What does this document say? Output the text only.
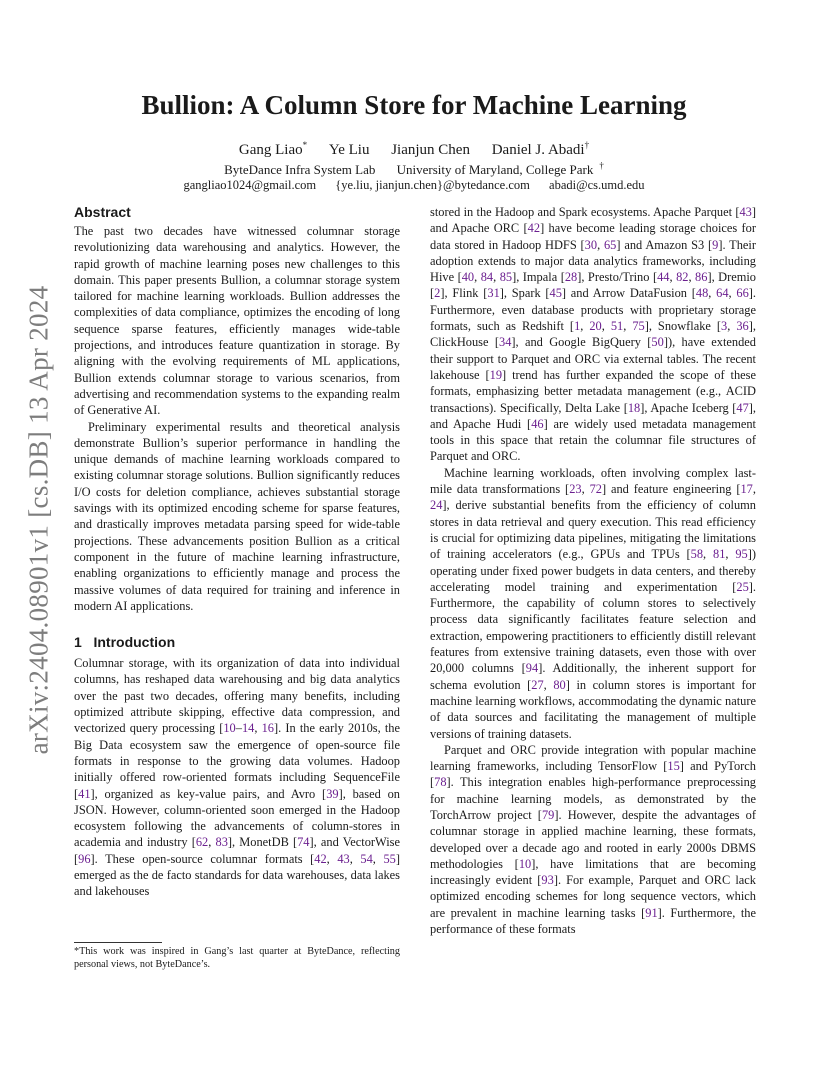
arXiv:2404.08901v1 [cs.DB] 13 Apr 2024
Bullion: A Column Store for Machine Learning
Gang Liao* Ye Liu Jianjun Chen Daniel J. Abadi†
ByteDance Infra System Lab University of Maryland, College Park †
gangliao1024@gmail.com {ye.liu, jianjun.chen}@bytedance.com abadi@cs.umd.edu
Abstract

The past two decades have witnessed columnar storage revolutionizing data warehousing and analytics. However, the rapid growth of machine learning poses new challenges to this domain. This paper presents Bullion, a columnar storage system tailored for machine learning workloads. Bullion addresses the complexities of data compliance, optimizes the encoding of long sequence sparse features, efficiently manages wide-table projections, and introduces feature quantization in storage. By aligning with the evolving requirements of ML applications, Bullion extends columnar storage to various scenarios, from advertising and recommendation systems to the expanding realm of Generative AI.

Preliminary experimental results and theoretical analysis demonstrate Bullion’s superior performance in handling the unique demands of machine learning workloads compared to existing columnar storage solutions. Bullion significantly reduces I/O costs for deletion compliance, achieves substantial storage savings with its optimized encoding scheme for sparse features, and drastically improves metadata parsing speed for wide-table projections. These advancements position Bullion as a critical component in the future of machine learning infrastructure, enabling organizations to efficiently manage and process the massive volumes of data required for training and inference in modern AI applications.

1 Introduction

Columnar storage, with its organization of data into individual columns, has reshaped data warehousing and big data analytics over the past two decades, offering many benefits, including optimized attribute skipping, effective data compression, and vectorized query processing [10–14, 16]. In the early 2010s, the Big Data ecosystem saw the emergence of open-source file formats in response to the growing data volumes. Hadoop initially offered row-oriented formats including SequenceFile [41], organized as key-value pairs, and Avro [39], based on JSON. However, column-oriented soon emerged in the Hadoop ecosystem following the advancements of column-stores in academia and industry [62, 83], MonetDB [74], and VectorWise [96]. These open-source columnar formats [42, 43, 54, 55] emerged as the de facto standards for data warehouses, data lakes and lakehouses

*This work was inspired in Gang’s last quarter at ByteDance, reflecting personal views, not ByteDance’s.

stored in the Hadoop and Spark ecosystems. Apache Parquet [43] and Apache ORC [42] have become leading storage choices for data stored in Hadoop HDFS [30, 65] and Amazon S3 [9]. Their adoption extends to major data analytics frameworks, including Hive [40, 84, 85], Impala [28], Presto/Trino [44, 82, 86], Dremio [2], Flink [31], Spark [45] and Arrow DataFusion [48, 64, 66]. Furthermore, even database products with proprietary storage formats, such as Redshift [1, 20, 51, 75], Snowflake [3, 36], ClickHouse [34], and Google BigQuery [50]), have extended their support to Parquet and ORC via external tables. The recent lakehouse [19] trend has further expanded the scope of these formats, emphasizing better metadata management (e.g., ACID transactions). Specifically, Delta Lake [18], Apache Iceberg [47], and Apache Hudi [46] are widely used metadata management tools in this space that retain the columnar file structures of Parquet and ORC.

Machine learning workloads, often involving complex last-mile data transformations [23, 72] and feature engineering [17, 24], derive substantial benefits from the efficiency of column stores in data retrieval and query execution. This read efficiency is crucial for optimizing data pipelines, mitigating the limitations of training accelerators (e.g., GPUs and TPUs [58, 81, 95]) operating under fixed power budgets in data centers, and thereby accelerating model training and experimentation [25]. Furthermore, the capability of column stores to selectively process data significantly facilitates feature selection and extraction, empowering practitioners to efficiently distill relevant features from extensive training datasets, even those with over 20,000 columns [94]. Additionally, the inherent support for schema evolution [27, 80] in column stores is important for machine learning workflows, accommodating the dynamic nature of data sources and facilitating the management of multiple versions of training datasets.

Parquet and ORC provide integration with popular machine learning frameworks, including TensorFlow [15] and PyTorch [78]. This integration enables high-performance preprocessing for machine learning models, as demonstrated by the TorchArrow project [79]. However, despite the advantages of columnar storage in applied machine learning, these formats, developed over a decade ago and rooted in early 2000s DBMS methodologies [10], have limitations that are becoming increasingly evident [93]. For example, Parquet and ORC lack optimized encoding schemes for long sequence vectors, which are prevalent in machine learning tasks [91]. Furthermore, the performance of these formats
